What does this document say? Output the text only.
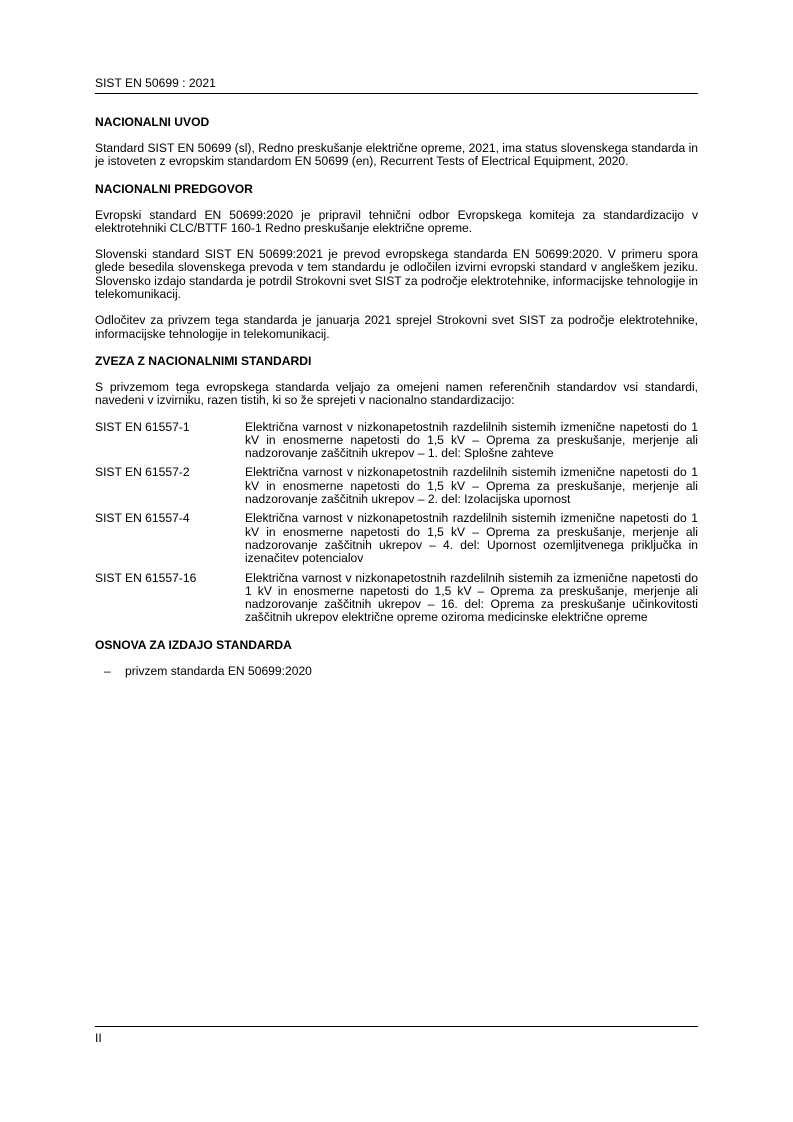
SIST EN 50699 : 2021
NACIONALNI UVOD

Standard SIST EN 50699 (sl), Redno preskušanje električne opreme, 2021, ima status slovenskega standarda in je istoveten z evropskim standardom EN 50699 (en), Recurrent Tests of Electrical Equipment, 2020.

NACIONALNI PREDGOVOR

Evropski standard EN 50699:2020 je pripravil tehnični odbor Evropskega komiteja za standardizacijo v elektrotehniki CLC/BTTF 160-1 Redno preskušanje električne opreme.

Slovenski standard SIST EN 50699:2021 je prevod evropskega standarda EN 50699:2020. V primeru spora glede besedila slovenskega prevoda v tem standardu je odločilen izvirni evropski standard v angleškem jeziku. Slovensko izdajo standarda je potrdil Strokovni svet SIST za področje elektrotehnike, informacijske tehnologije in telekomunikacij.

Odločitev za privzem tega standarda je januarja 2021 sprejel Strokovni svet SIST za področje elektrotehnike, informacijske tehnologije in telekomunikacij.

ZVEZA Z NACIONALNIMI STANDARDI

S privzemom tega evropskega standarda veljajo za omejeni namen referenčnih standardov vsi standardi, navedeni v izvirniku, razen tistih, ki so že sprejeti v nacionalno standardizacijo:

SIST EN 61557-1	Električna varnost v nizkonapetostnih razdelilnih sistemih izmenične napetosti do 1 kV in enosmerne napetosti do 1,5 kV – Oprema za preskušanje, merjenje ali nadzorovanje zaščitnih ukrepov – 1. del: Splošne zahteve
SIST EN 61557-2	Električna varnost v nizkonapetostnih razdelilnih sistemih izmenične napetosti do 1 kV in enosmerne napetosti do 1,5 kV – Oprema za preskušanje, merjenje ali nadzorovanje zaščitnih ukrepov – 2. del: Izolacijska upornost
SIST EN 61557-4	Električna varnost v nizkonapetostnih razdelilnih sistemih izmenične napetosti do 1 kV in enosmerne napetosti do 1,5 kV – Oprema za preskušanje, merjenje ali nadzorovanje zaščitnih ukrepov – 4. del: Upornost ozemljitvenega priključka in izenačitev potencialov
SIST EN 61557-16	Električna varnost v nizkonapetostnih razdelilnih sistemih za izmenične napetosti do 1 kV in enosmerne napetosti do 1,5 kV – Oprema za preskušanje, merjenje ali nadzorovanje zaščitnih ukrepov – 16. del: Oprema za preskušanje učinkovitosti zaščitnih ukrepov električne opreme oziroma medicinske električne opreme
OSNOVA ZA IZDAJO STANDARDA
–	privzem standarda EN 50699:2020
II
